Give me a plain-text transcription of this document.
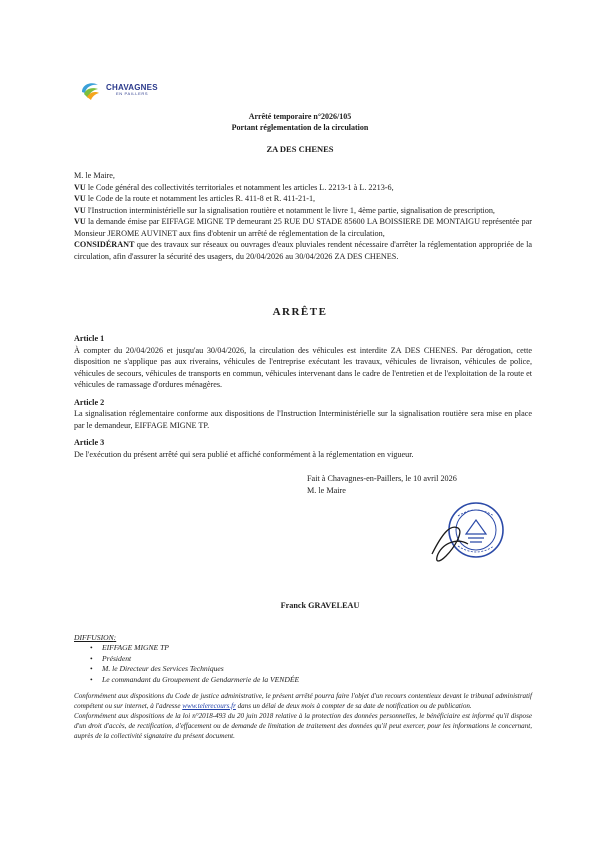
CHAVAGNES
EN PAILLERS
Arrêté temporaire n°2026/105
Portant réglementation de la circulation
ZA DES CHENES

M. le Maire,

VU le Code général des collectivités territoriales et notamment les articles L. 2213-1 à L. 2213-6,

VU le Code de la route et notamment les articles R. 411-8 et R. 411-21-1,

VU l'Instruction interministérielle sur la signalisation routière et notamment le livre 1, 4ème partie, signalisation de prescription,

VU la demande émise par EIFFAGE MIGNE TP demeurant 25 RUE DU STADE 85600 LA BOISSIERE DE MONTAIGU représentée par Monsieur JEROME AUVINET aux fins d'obtenir un arrêté de réglementation de la circulation,

CONSIDÉRANT que des travaux sur réseaux ou ouvrages d'eaux pluviales rendent nécessaire d'arrêter la réglementation appropriée de la circulation, afin d'assurer la sécurité des usagers, du 20/04/2026 au 30/04/2026 ZA DES CHENES.

ARRÊTE

Article 1

À compter du 20/04/2026 et jusqu'au 30/04/2026, la circulation des véhicules est interdite ZA DES CHENES. Par dérogation, cette disposition ne s'applique pas aux riverains, véhicules de l'entreprise exécutant les travaux, véhicules de livraison, véhicules de police, véhicules de secours, véhicules de transports en commun, véhicules intervenant dans le cadre de l'entretien et de l'exploitation de la route et véhicules de ramassage d'ordures ménagères.

Article 2

La signalisation réglementaire conforme aux dispositions de l'Instruction Interministérielle sur la signalisation routière sera mise en place par le demandeur, EIFFAGE MIGNE TP.

Article 3

De l'exécution du présent arrêté qui sera publié et affiché conformément à la réglementation en vigueur.

Fait à Chavagnes-en-Paillers, le 10 avril 2026
M. le Maire
Franck GRAVELEAU

DIFFUSION:

• EIFFAGE MIGNE TP
• Président
• M. le Directeur des Services Techniques
• Le commandant du Groupement de Gendarmerie de la VENDÉE

Conformément aux dispositions du Code de justice administrative, le présent arrêté pourra faire l'objet d'un recours contentieux devant le tribunal administratif compétent ou sur internet, à l'adresse www.telerecours.fr dans un délai de deux mois à compter de sa date de notification ou de publication.

Conformément aux dispositions de la loi n°2018-493 du 20 juin 2018 relative à la protection des données personnelles, le bénéficiaire est informé qu'il dispose d'un droit d'accès, de rectification, d'effacement ou de demande de limitation de traitement des données qu'il peut exercer, pour les informations le concernant, auprès de la collectivité signataire du présent document.
